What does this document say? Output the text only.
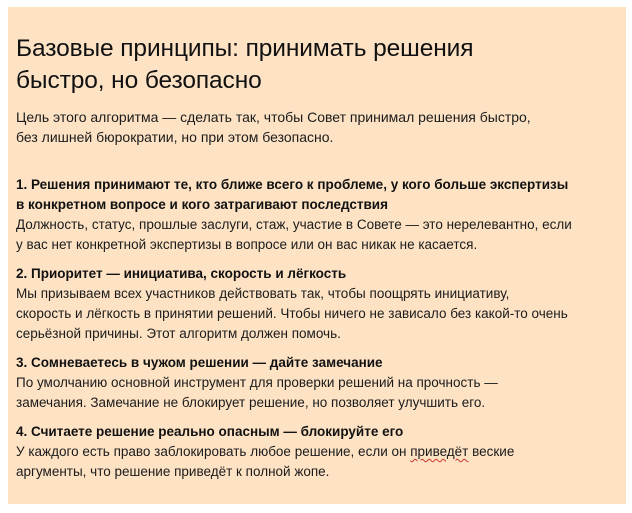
Базовые принципы: принимать решения
быстро, но безопасно
Цель этого алгоритма — сделать так, чтобы Совет принимал решения быстро,
без лишней бюрократии, но при этом безопасно.
1. Решения принимают те, кто ближе всего к проблеме, у кого больше экспертизы
в конкретном вопросе и кого затрагивают последствия
Должность, статус, прошлые заслуги, стаж, участие в Совете — это нерелевантно, если
у вас нет конкретной экспертизы в вопросе или он вас никак не касается.
2. Приоритет — инициатива, скорость и лёгкость
Мы призываем всех участников действовать так, чтобы поощрять инициативу,
скорость и лёгкость в принятии решений. Чтобы ничего не зависало без какой-то очень
серьёзной причины. Этот алгоритм должен помочь.
3. Сомневаетесь в чужом решении — дайте замечание
По умолчанию основной инструмент для проверки решений на прочность —
замечания. Замечание не блокирует решение, но позволяет улучшить его.
4. Считаете решение реально опасным — блокируйте его
У каждого есть право заблокировать любое решение, если он приведёт веские
аргументы, что решение приведёт к полной жопе.
